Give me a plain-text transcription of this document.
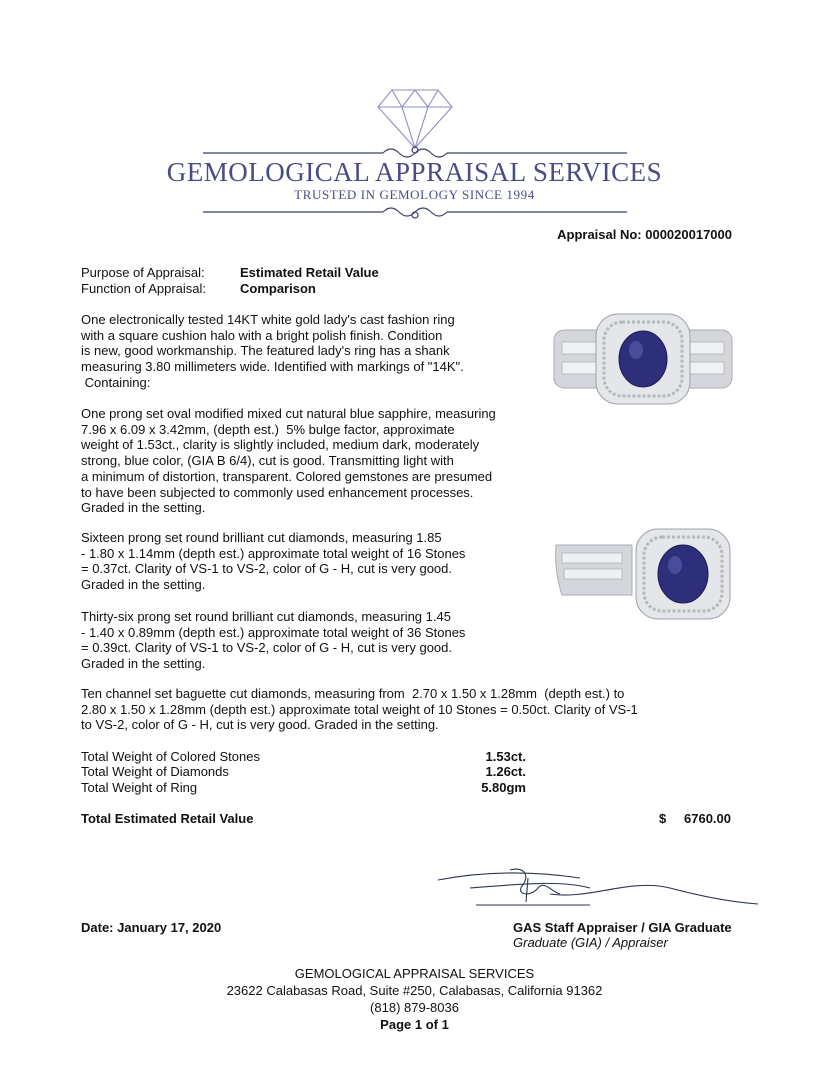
GEMOLOGICAL APPRAISAL SERVICES
TRUSTED IN GEMOLOGY SINCE 1994
Appraisal No: 000020017000
Purpose of Appraisal:	Estimated Retail Value
Function of Appraisal:	Comparison
One electronically tested 14KT white gold lady's cast fashion ring
with a square cushion halo with a bright polish finish. Condition
is new, good workmanship. The featured lady's ring has a shank
measuring 3.80 millimeters wide. Identified with markings of "14K".
Containing:
One prong set oval modified mixed cut natural blue sapphire, measuring
7.96 x 6.09 x 3.42mm, (depth est.)  5% bulge factor, approximate
weight of 1.53ct., clarity is slightly included, medium dark, moderately
strong, blue color, (GIA B 6/4), cut is good. Transmitting light with
a minimum of distortion, transparent. Colored gemstones are presumed
to have been subjected to commonly used enhancement processes.
Graded in the setting.
Sixteen prong set round brilliant cut diamonds, measuring 1.85
- 1.80 x 1.14mm (depth est.) approximate total weight of 16 Stones
= 0.37ct. Clarity of VS-1 to VS-2, color of G - H, cut is very good.
Graded in the setting.
Thirty-six prong set round brilliant cut diamonds, measuring 1.45
- 1.40 x 0.89mm (depth est.) approximate total weight of 36 Stones
= 0.39ct. Clarity of VS-1 to VS-2, color of G - H, cut is very good.
Graded in the setting.
Ten channel set baguette cut diamonds, measuring from  2.70 x 1.50 x 1.28mm  (depth est.) to
2.80 x 1.50 x 1.28mm (depth est.) approximate total weight of 10 Stones = 0.50ct. Clarity of VS-1
to VS-2, color of G - H, cut is very good. Graded in the setting.
Total Weight of Colored Stones	1.53ct.
Total Weight of Diamonds	1.26ct.
Total Weight of Ring	5.80gm
Total Estimated Retail Value	$	6760.00
Date: January 17, 2020	GAS Staff Appraiser / GIA Graduate
Graduate (GIA) / Appraiser
GEMOLOGICAL APPRAISAL SERVICES
23622 Calabasas Road, Suite #250, Calabasas, California 91362
(818) 879-8036
Page 1 of 1
